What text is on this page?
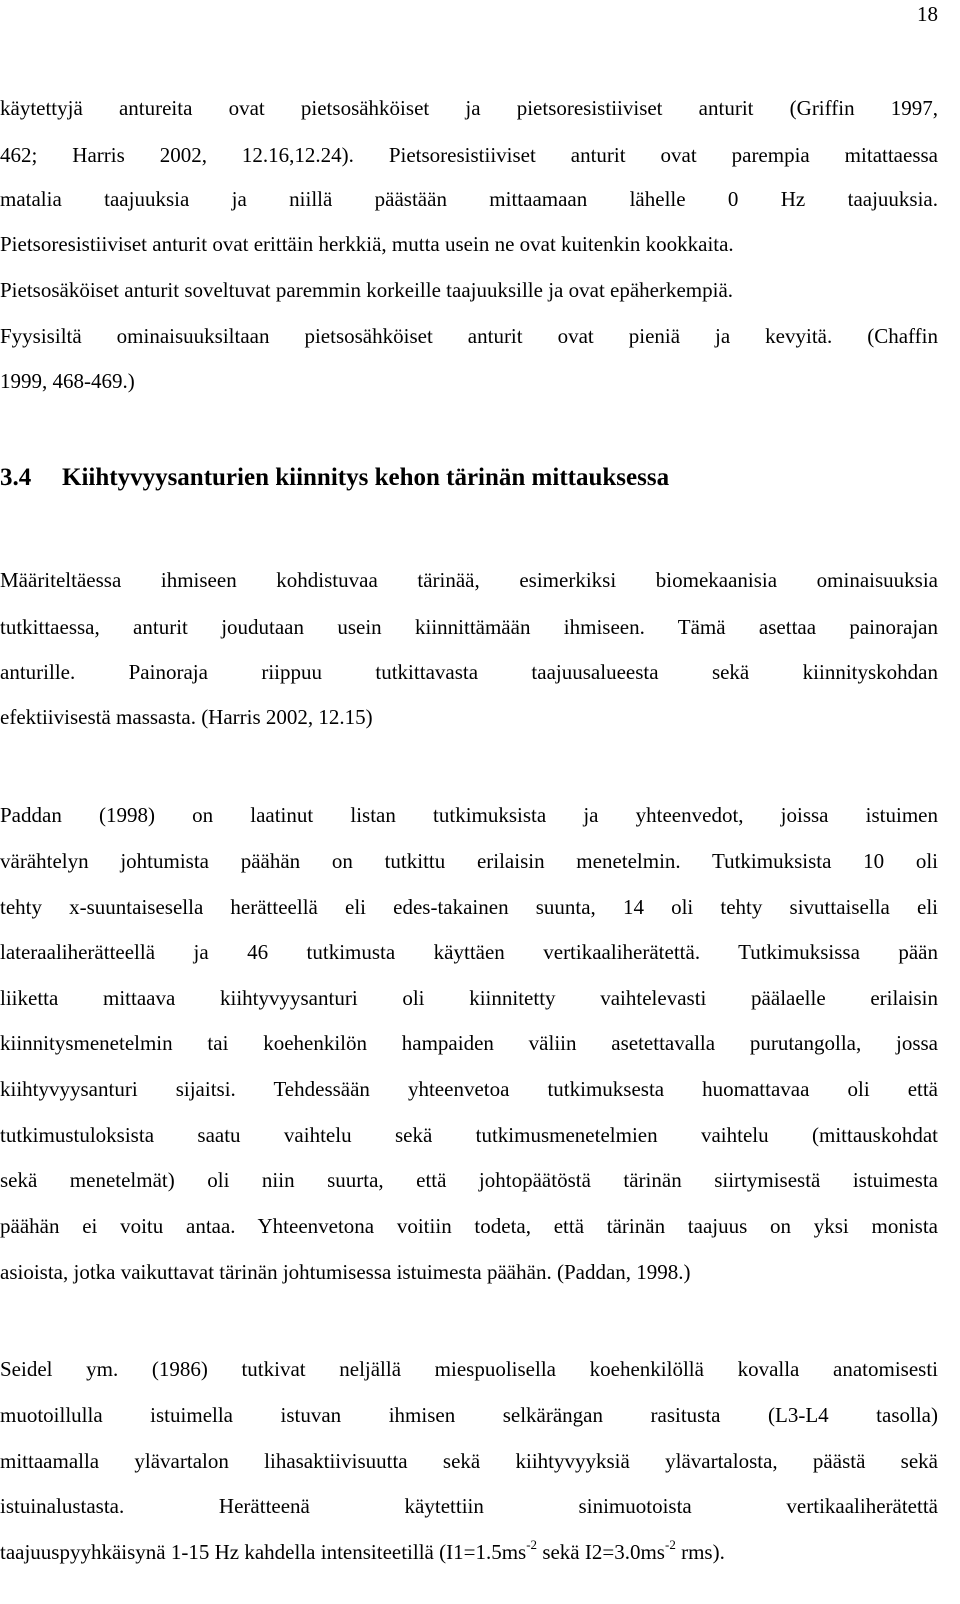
18
käytettyjä antureita ovat pietsosähköiset ja pietsoresistiiviset anturit (Griffin 1997,
462; Harris 2002, 12.16,12.24). Pietsoresistiiviset anturit ovat parempia mitattaessa
matalia taajuuksia ja niillä päästään mittaamaan lähelle 0 Hz taajuuksia.
Pietsoresistiiviset anturit ovat erittäin herkkiä, mutta usein ne ovat kuitenkin kookkaita.
Pietsosäköiset anturit soveltuvat paremmin korkeille taajuuksille ja ovat epäherkempiä.
Fyysisiltä ominaisuuksiltaan pietsosähköiset anturit ovat pieniä ja kevyitä. (Chaffin
1999, 468-469.)
3.4 Kiihtyvyysanturien kiinnitys kehon tärinän mittauksessa
Määriteltäessa ihmiseen kohdistuvaa tärinää, esimerkiksi biomekaanisia ominaisuuksia
tutkittaessa, anturit joudutaan usein kiinnittämään ihmiseen. Tämä asettaa painorajan
anturille. Painoraja riippuu tutkittavasta taajuusalueesta sekä kiinnityskohdan
efektiivisestä massasta. (Harris 2002, 12.15)
Paddan (1998) on laatinut listan tutkimuksista ja yhteenvedot, joissa istuimen
värähtelyn johtumista päähän on tutkittu erilaisin menetelmin. Tutkimuksista 10 oli
tehty x-suuntaisesella herätteellä eli edes-takainen suunta, 14 oli tehty sivuttaisella eli
lateraaliherätteellä ja 46 tutkimusta käyttäen vertikaaliherätettä. Tutkimuksissa pään
liiketta mittaava kiihtyvyysanturi oli kiinnitetty vaihtelevasti päälaelle erilaisin
kiinnitysmenetelmin tai koehenkilön hampaiden väliin asetettavalla purutangolla, jossa
kiihtyvyysanturi sijaitsi. Tehdessään yhteenvetoa tutkimuksesta huomattavaa oli että
tutkimustuloksista saatu vaihtelu sekä tutkimusmenetelmien vaihtelu (mittauskohdat
sekä menetelmät) oli niin suurta, että johtopäätöstä tärinän siirtymisestä istuimesta
päähän ei voitu antaa. Yhteenvetona voitiin todeta, että tärinän taajuus on yksi monista
asioista, jotka vaikuttavat tärinän johtumisessa istuimesta päähän. (Paddan, 1998.)
Seidel ym. (1986) tutkivat neljällä miespuolisella koehenkilöllä kovalla anatomisesti
muotoillulla istuimella istuvan ihmisen selkärängan rasitusta (L3-L4 tasolla)
mittaamalla ylävartalon lihasaktiivisuutta sekä kiihtyvyyksiä ylävartalosta, päästä sekä
istuinalustasta. Herätteenä käytettiin sinimuotoista vertikaaliherätettä
taajuuspyyhkäisynä 1-15 Hz kahdella intensiteetillä ($I1=1.5ms^{-2}$ sekä $I2=3.0ms^{-2}$ rms).
